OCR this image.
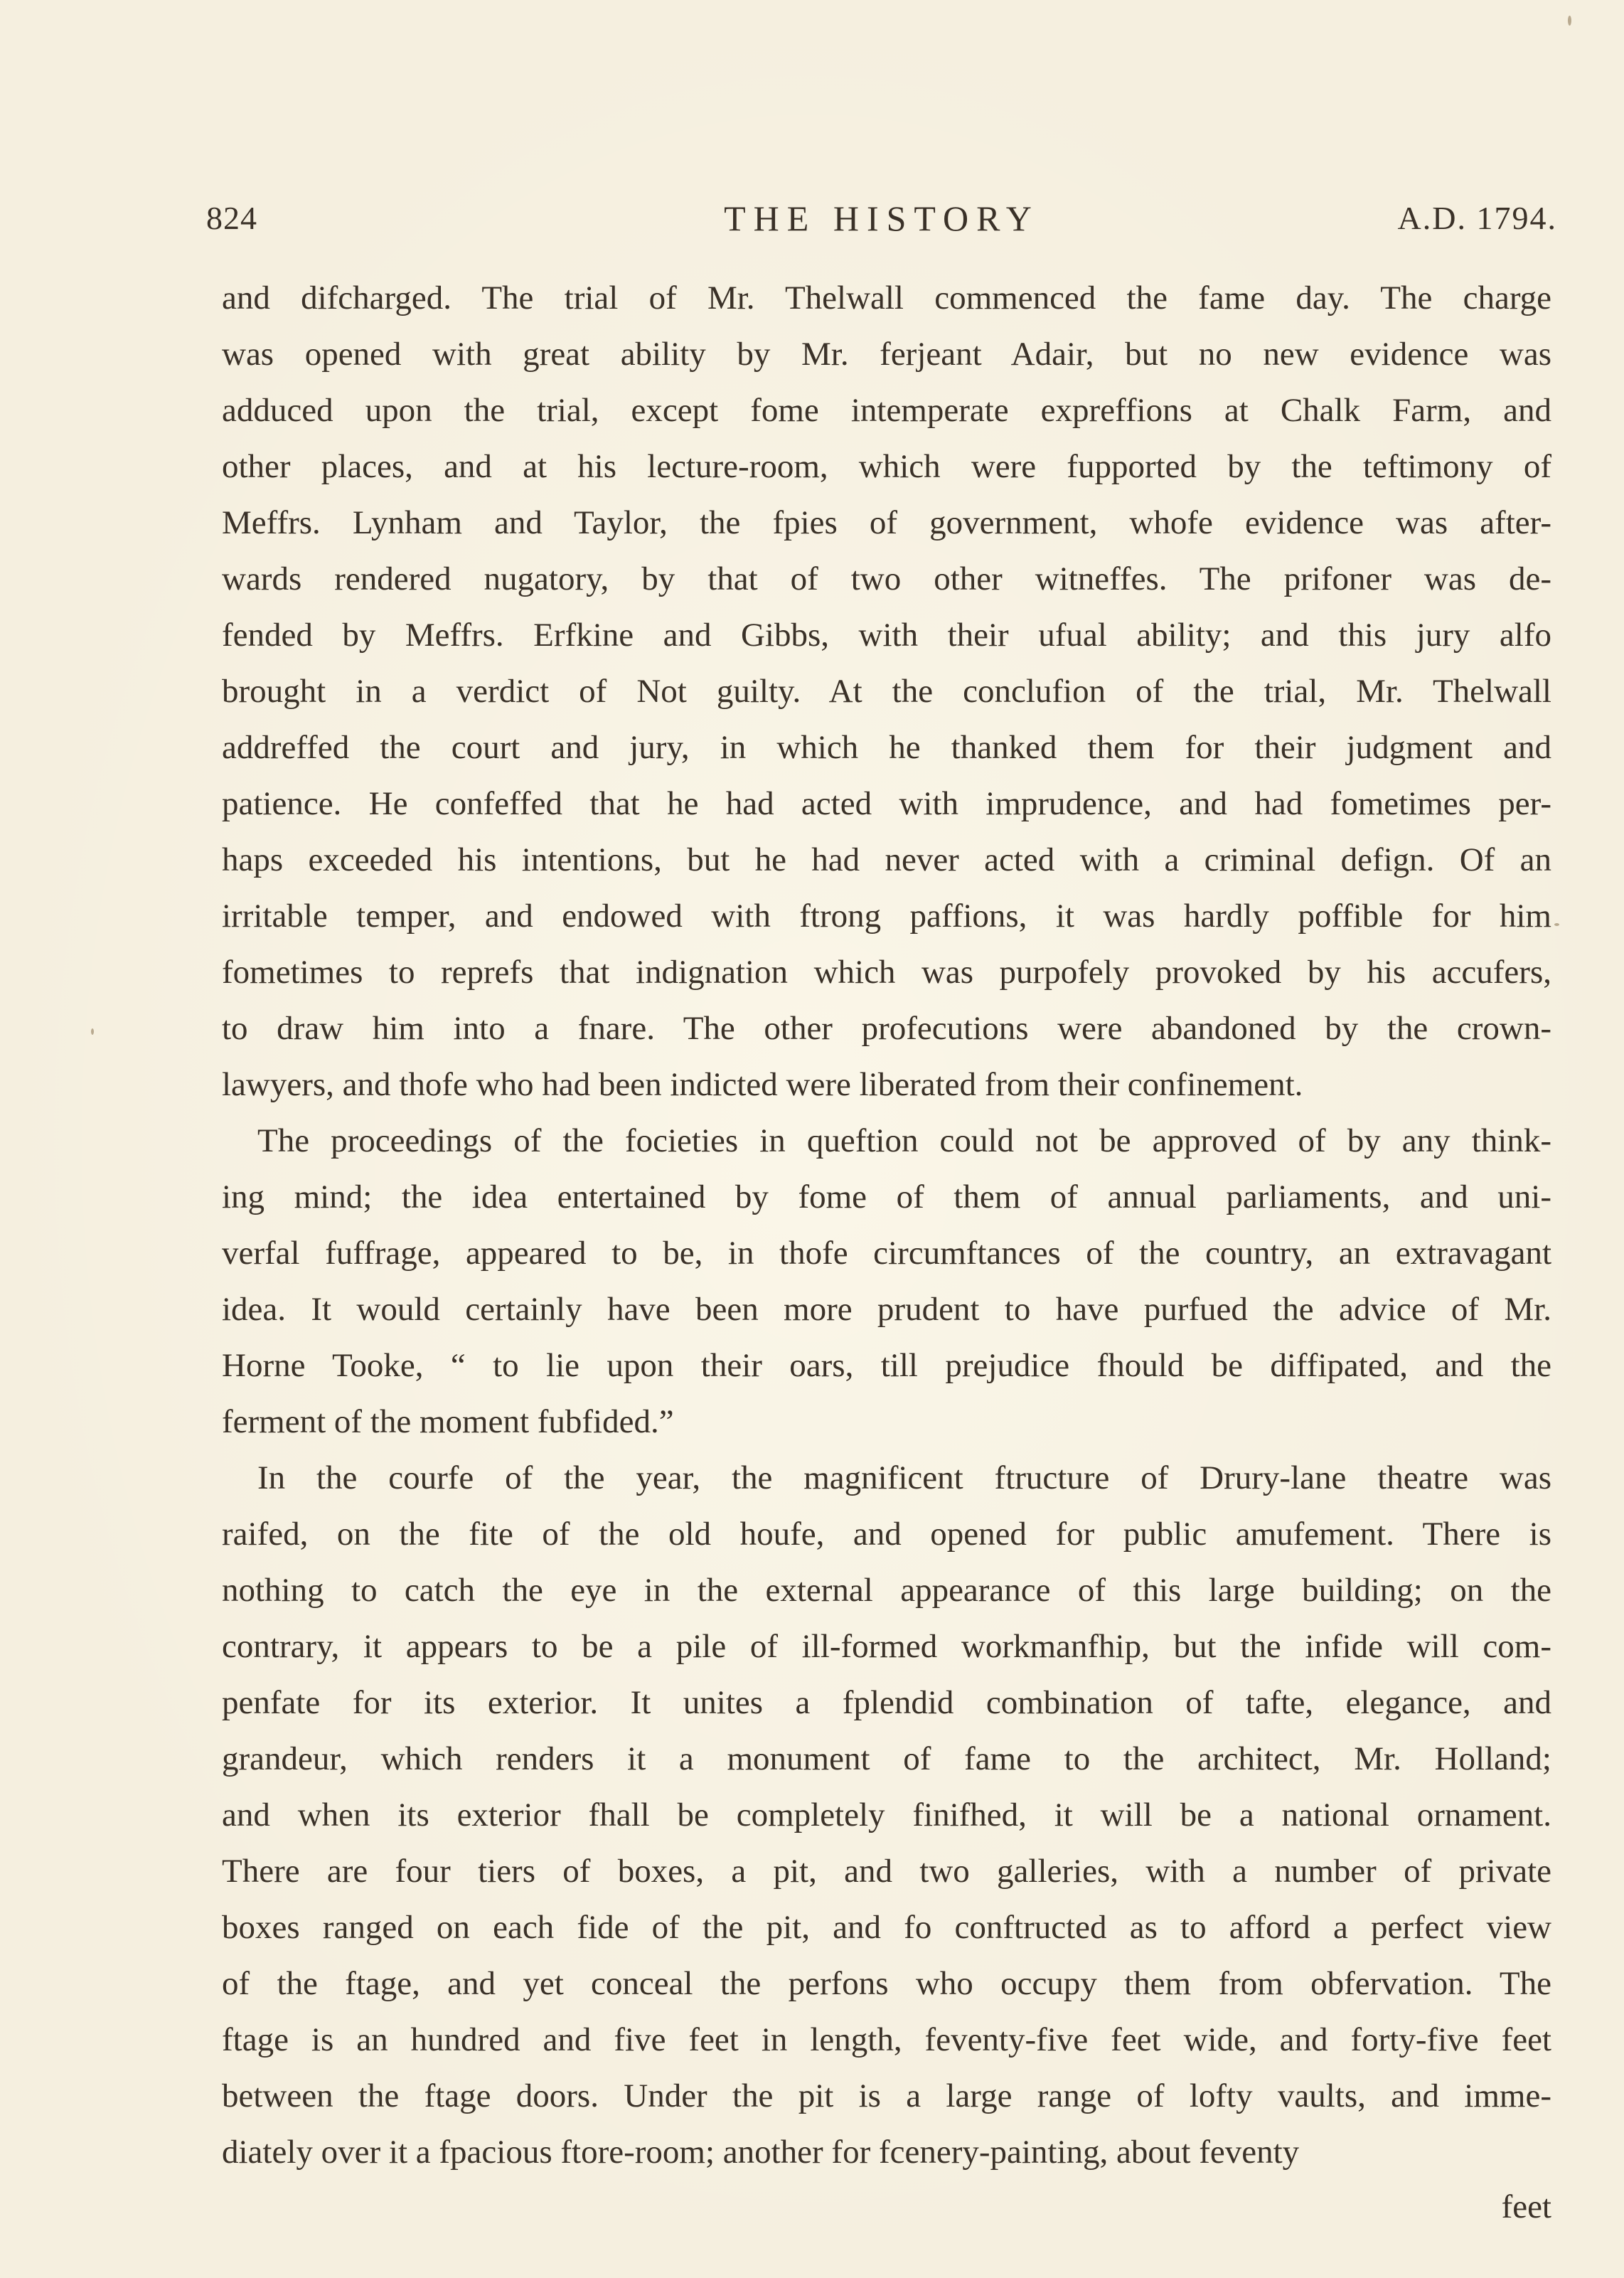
824	THE HISTORY	A.D. 1794.
and difcharged. The trial of Mr. Thelwall commenced the fame day. The charge
was opened with great ability by Mr. ferjeant Adair, but no new evidence was
adduced upon the trial, except fome intemperate expreffions at Chalk Farm, and
other places, and at his lecture-room, which were fupported by the teftimony of
Meffrs. Lynham and Taylor, the fpies of government, whofe evidence was after-
wards rendered nugatory, by that of two other witneffes. The prifoner was de-
fended by Meffrs. Erfkine and Gibbs, with their ufual ability; and this jury alfo
brought in a verdict of Not guilty. At the conclufion of the trial, Mr. Thelwall
addreffed the court and jury, in which he thanked them for their judgment and
patience. He confeffed that he had acted with imprudence, and had fometimes per-
haps exceeded his intentions, but he had never acted with a criminal defign. Of an
irritable temper, and endowed with ftrong paffions, it was hardly poffible for him
fometimes to reprefs that indignation which was purpofely provoked by his accufers,
to draw him into a fnare. The other profecutions were abandoned by the crown-
lawyers, and thofe who had been indicted were liberated from their confinement.
The proceedings of the focieties in queftion could not be approved of by any think-
ing mind; the idea entertained by fome of them of annual parliaments, and uni-
verfal fuffrage, appeared to be, in thofe circumftances of the country, an extravagant
idea. It would certainly have been more prudent to have purfued the advice of Mr.
Horne Tooke, “ to lie upon their oars, till prejudice fhould be diffipated, and the
ferment of the moment fubfided.”
In the courfe of the year, the magnificent ftructure of Drury-lane theatre was
raifed, on the fite of the old houfe, and opened for public amufement. There is
nothing to catch the eye in the external appearance of this large building; on the
contrary, it appears to be a pile of ill-formed workmanfhip, but the infide will com-
penfate for its exterior. It unites a fplendid combination of tafte, elegance, and
grandeur, which renders it a monument of fame to the architect, Mr. Holland;
and when its exterior fhall be completely finifhed, it will be a national ornament.
There are four tiers of boxes, a pit, and two galleries, with a number of private
boxes ranged on each fide of the pit, and fo conftructed as to afford a perfect view
of the ftage, and yet conceal the perfons who occupy them from obfervation. The
ftage is an hundred and five feet in length, feventy-five feet wide, and forty-five feet
between the ftage doors. Under the pit is a large range of lofty vaults, and imme-
diately over it a fpacious ftore-room; another for fcenery-painting, about feventy
feet
